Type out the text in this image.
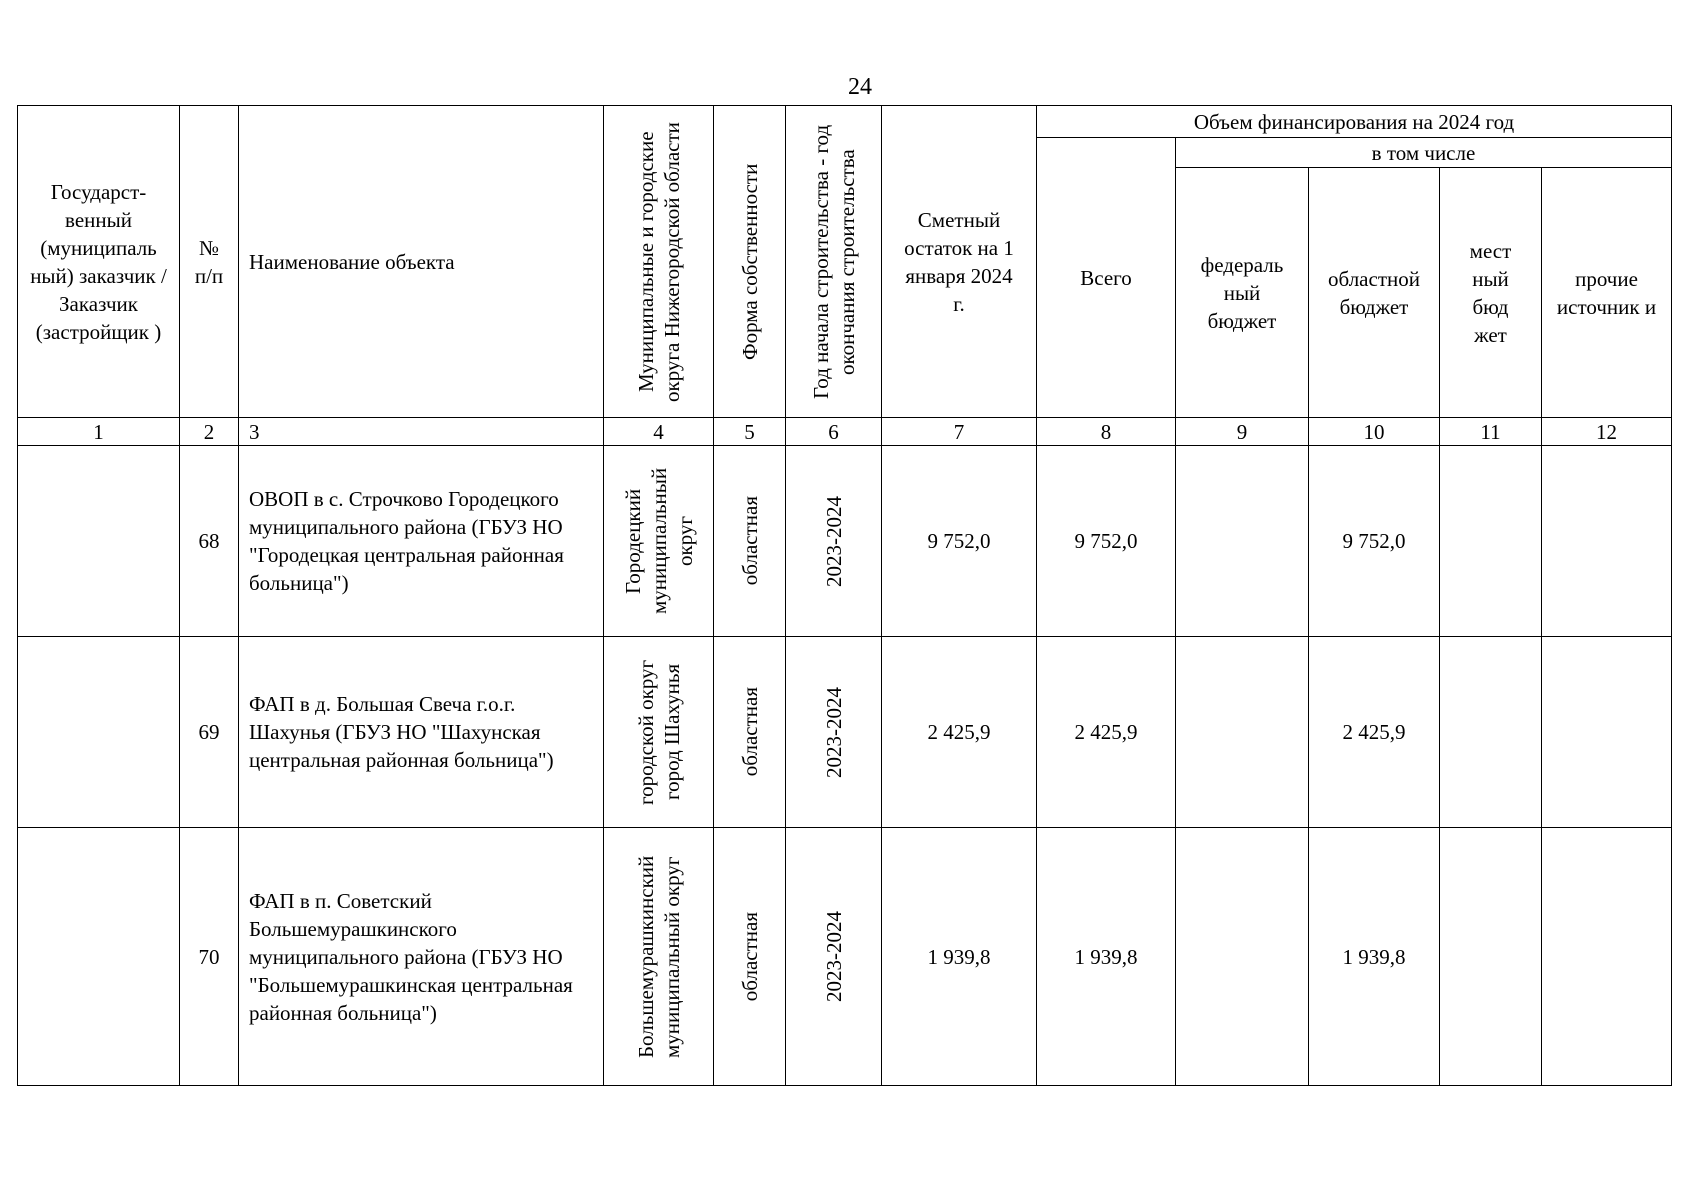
24
Государст-венный (муниципаль ный) заказчик / Заказчик (застройщик )	№ п/п	Наименование объекта	Муниципальные и городские округа Нижегородской области	Форма собственности	Год начала строительства - год окончания строительства	Сметный остаток на 1 января 2024 г.	Объем финансирования на 2024 год				
							Всего	в том числе			

								федераль ный бюджет	областной бюджет	мест ный бюд жет	прочие источник и

1	2	3	4	5	6	7	8	9	10	11	12
	68	ОВОП в с. Строчково Городецкого муниципального района (ГБУЗ НО "Городецкая центральная районная больница")	Городецкий муниципальный округ	областная	2023-2024	9 752,0	9 752,0		9 752,0		
	69	ФАП в д. Большая Свеча г.о.г. Шахунья (ГБУЗ НО "Шахунская центральная районная больница")	городской округ город Шахунья	областная	2023-2024	2 425,9	2 425,9		2 425,9		
	70	ФАП в п. Советский Большемурашкинского муниципального района (ГБУЗ НО "Большемурашкинская центральная районная больница")	Большемурашкинский муниципальный округ	областная	2023-2024	1 939,8	1 939,8		1 939,8		
